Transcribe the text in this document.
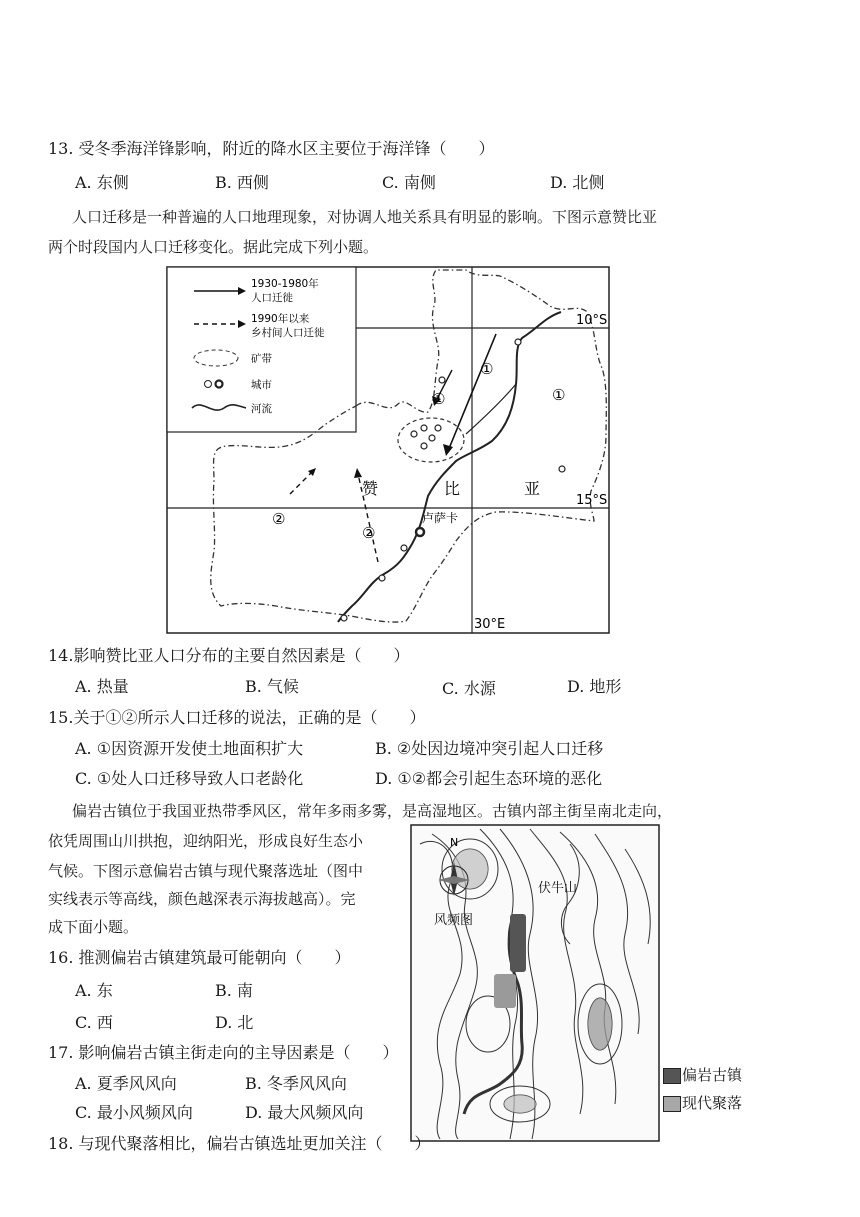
13. 受冬季海洋锋影响，附近的降水区主要位于海洋锋（　　）
A. 东侧	B. 西侧	C. 南侧	D. 北侧
人口迁移是一种普遍的人口地理现象，对协调人地关系具有明显的影响。下图示意赞比亚
两个时段国内人口迁移变化。据此完成下列小题。
1930-1980年
人口迁徙
1990年以来
乡村间人口迁徙
矿带
城市
河流
10°S
15°S
30°E
赞	比	亚
卢萨卡
①
①
①
②
②
14.影响赞比亚人口分布的主要自然因素是（　　）
A. 热量	B. 气候	C. 水源	D. 地形
15.关于①②所示人口迁移的说法，正确的是（　　）
A. ①因资源开发使土地面积扩大	B. ②处因边境冲突引起人口迁移
C. ①处人口迁移导致人口老龄化	D. ①②都会引起生态环境的恶化
偏岩古镇位于我国亚热带季风区，常年多雨多雾，是高湿地区。古镇内部主街呈南北走向，
依凭周围山川拱抱，迎纳阳光，形成良好生态小
气候。下图示意偏岩古镇与现代聚落选址（图中
实线表示等高线，颜色越深表示海拔越高）。完
成下面小题。
N
伏牛山
风频图
偏岩古镇
现代聚落
16. 推测偏岩古镇建筑最可能朝向（　　）
A. 东	B. 南
C. 西	D. 北
17. 影响偏岩古镇主街走向的主导因素是（　　）
A. 夏季风风向	B. 冬季风风向
C. 最小风频风向	D. 最大风频风向
18. 与现代聚落相比，偏岩古镇选址更加关注（　　）
